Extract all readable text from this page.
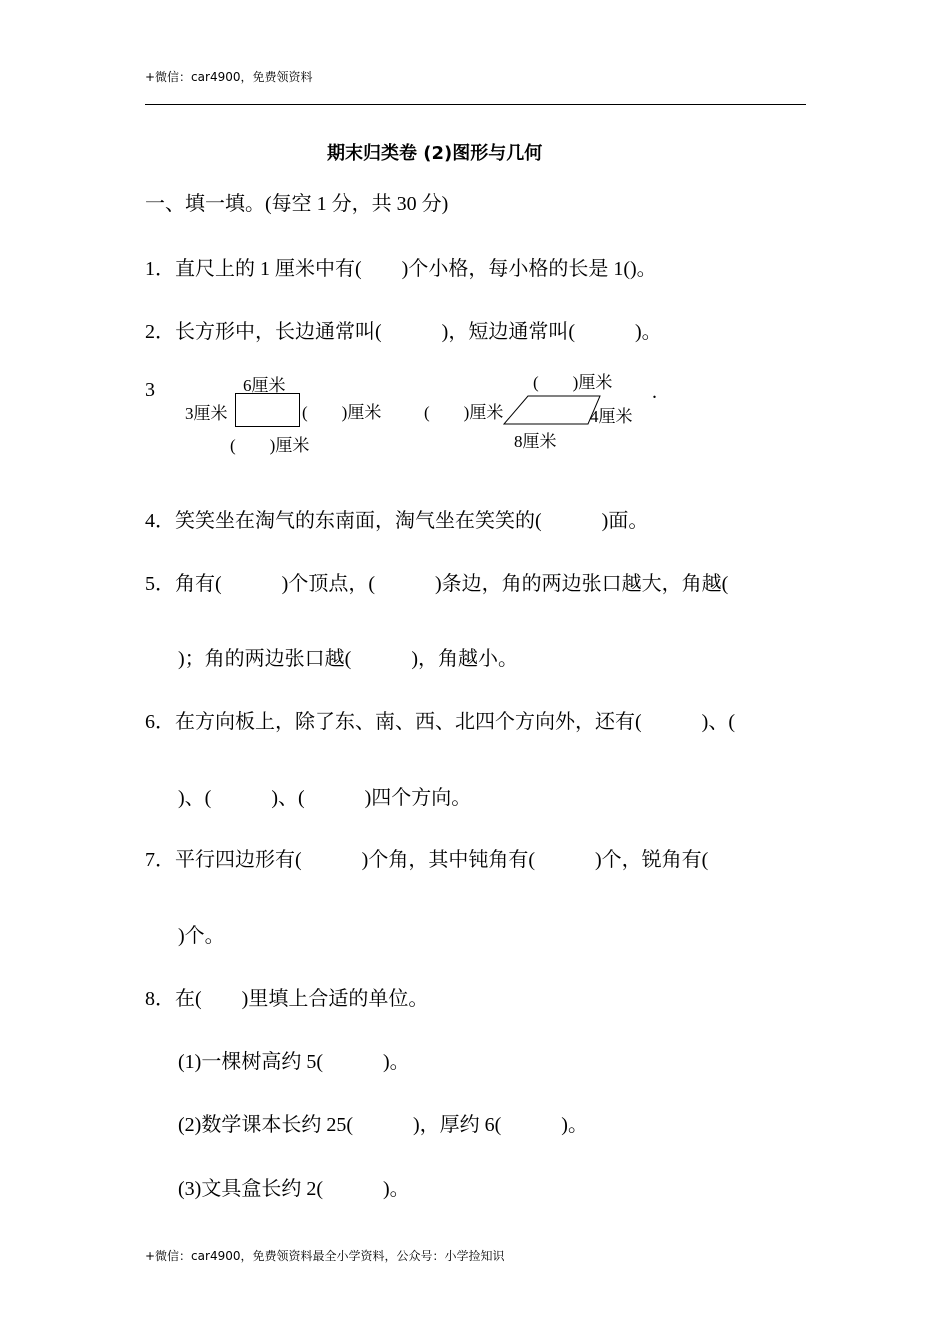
+微信：car4900，免费领资料
期末归类卷 (2)图形与几何
一、填一填。(每空 1 分，共 30 分)
1．直尺上的 1 厘米中有(　　)个小格，每小格的长是 1()。
2．长方形中，长边通常叫(　　　)，短边通常叫(　　　)。
3	6厘米
3厘米	(　　)厘米
(　　)厘米
(　　)厘米
(　　)厘米
4厘米
8厘米
.
4．笑笑坐在淘气的东南面，淘气坐在笑笑的(　　　)面。
5．角有(　　　)个顶点，(　　　)条边，角的两边张口越大，角越(
)；角的两边张口越(　　　)，角越小。
6．在方向板上，除了东、南、西、北四个方向外，还有(　　　)、(
)、(　　　)、(　　　)四个方向。
7．平行四边形有(　　　)个角，其中钝角有(　　　)个，锐角有(
)个。
8．在(　　)里填上合适的单位。
(1)一棵树高约 5(　　　)。
(2)数学课本长约 25(　　　)，厚约 6(　　　)。
(3)文具盒长约 2(　　　)。
+微信：car4900，免费领资料最全小学资料，公众号：小学捡知识
